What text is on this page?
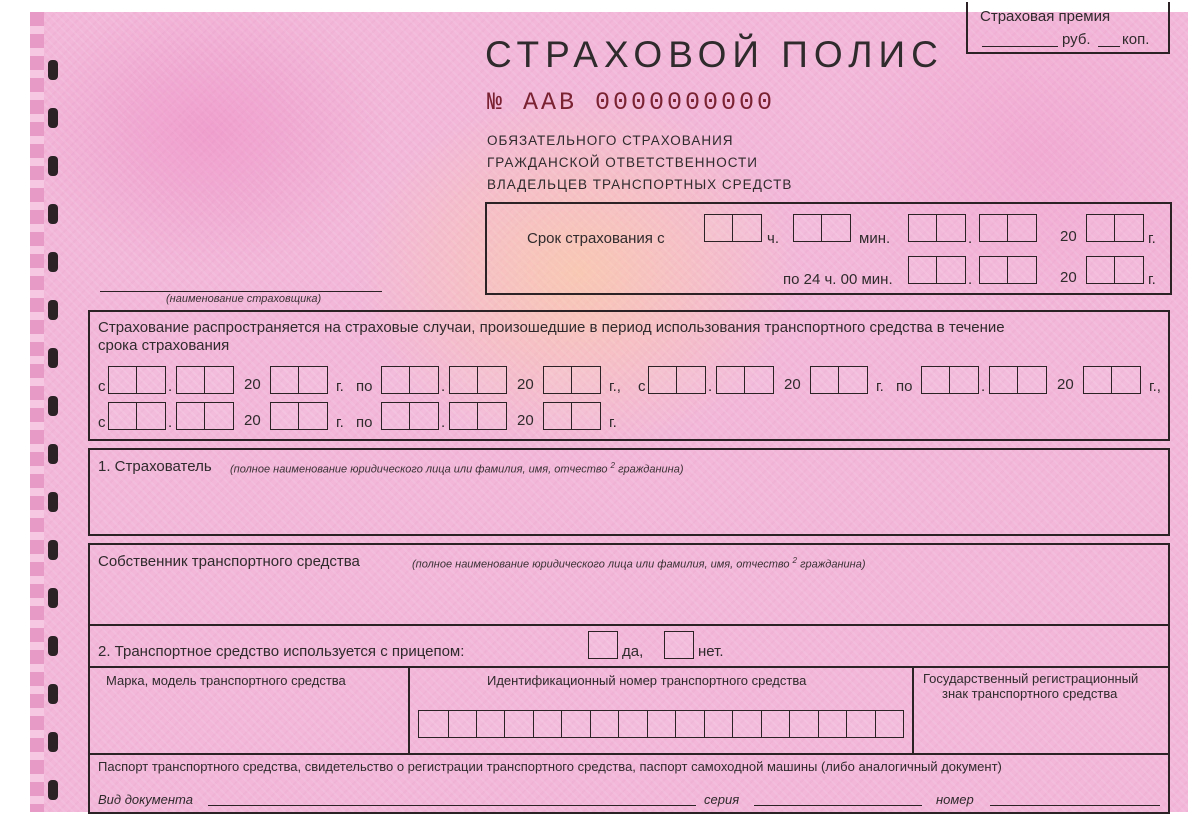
Страховая премия
руб. коп.
СТРАХОВОЙ ПОЛИС
№ ААВ 0000000000
ОБЯЗАТЕЛЬНОГО СТРАХОВАНИЯ
ГРАЖДАНСКОЙ ОТВЕТСТВЕННОСТИ
ВЛАДЕЛЬЦЕВ ТРАНСПОРТНЫХ СРЕДСТВ
(наименование страховщика)
Срок страхования с	ч.	мин.	.	20	г.
по 24 ч. 00 мин.	.	20	г.
Страхование распространяется на страховые случаи, произошедшие в период использования транспортного средства в течение
срока страхования
с	.	20	г. по	.	20	г., с	.	20	г. по	.	20	г.,
с	.	20	г. по	.	20	г.
1. Страхователь (полное наименование юридического лица или фамилия, имя, отчество $^2$ гражданина)
Собственник транспортного средства	(полное наименование юридического лица или фамилия, имя, отчество $^2$ гражданина)
2. Транспортное средство используется с прицепом:	да,	нет.
Марка, модель транспортного средства	Идентификационный номер транспортного средства	Государственный регистрационный
знак транспортного средства
Паспорт транспортного средства, свидетельство о регистрации транспортного средства, паспорт самоходной машины (либо аналогичный документ)
Вид документа	серия	номер
